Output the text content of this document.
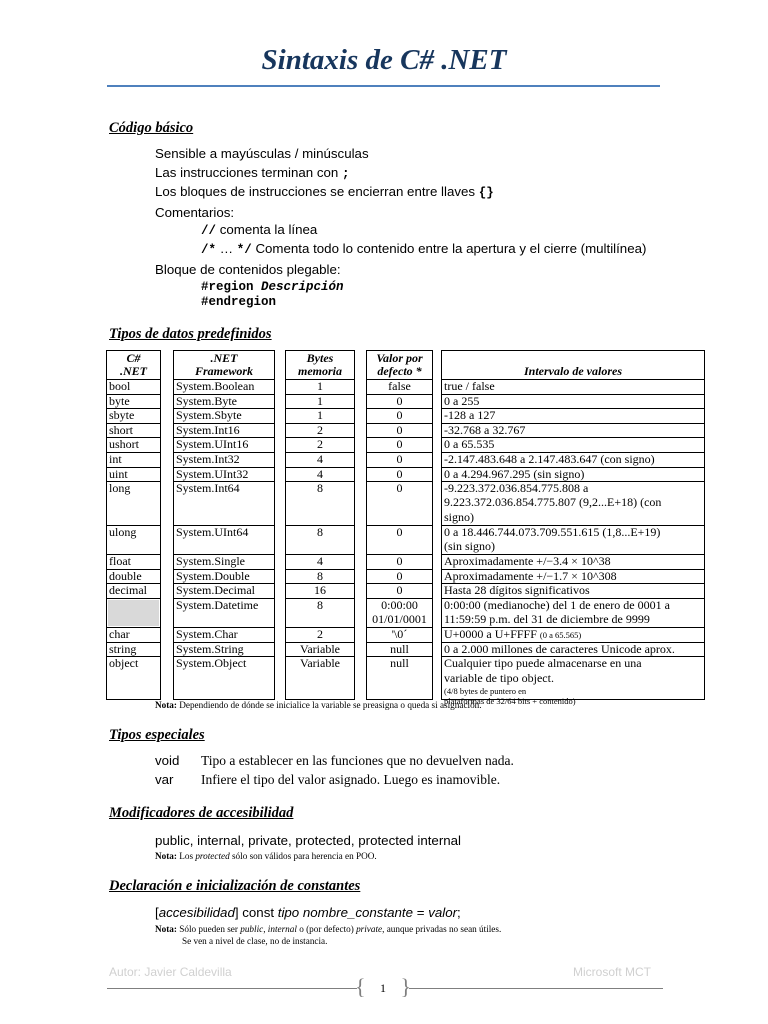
Sintaxis de C# .NET
Código básico
Sensible a mayúsculas / minúsculas
Las instrucciones terminan con ;
Los bloques de instrucciones se encierran entre llaves {}
Comentarios:
// comenta la línea
/* … */ Comenta todo lo contenido entre la apertura y el cierre (multilínea)
Bloque de contenidos plegable:
#region Descripción
#endregion
Tipos de datos predefinidos
C#
.NET
bool
byte
sbyte
short
ushort
int
uint
long
ulong
float
double
decimal
char
string
object
.NET
Framework
System.Boolean
System.Byte
System.Sbyte
System.Int16
System.UInt16
System.Int32
System.UInt32
System.Int64
System.UInt64
System.Single
System.Double
System.Decimal
System.Datetime
System.Char
System.String
System.Object
Bytes
memoria
1
1
1
2
2
4
4
8
8
4
8
16
8
2
Variable
Variable
Valor por
defecto *
false
0
0
0
0
0
0
0
0
0
0
0
0:00:00
01/01/0001
'\0´
null
null
Intervalo de valores
true / false
0 a 255
-128 a 127
-32.768 a 32.767
0 a 65.535
-2.147.483.648 a 2.147.483.647 (con signo)
0 a 4.294.967.295 (sin signo)
-9.223.372.036.854.775.808 a
9.223.372.036.854.775.807 (9,2...E+18) (con
signo)
0 a 18.446.744.073.709.551.615 (1,8...E+19)
(sin signo)
Aproximadamente +/−3.4 × 10^38
Aproximadamente +/−1.7 × 10^308
Hasta 28 dígitos significativos
0:00:00 (medianoche) del 1 de enero de 0001 a
11:59:59 p.m. del 31 de diciembre de 9999
U+0000 a U+FFFF (0 a 65.565)
0 a 2.000 millones de caracteres Unicode aprox.
Cualquier tipo puede almacenarse en una
variable de tipo object.
(4/8 bytes de puntero en
plataformas de 32/64 bits + contenido)
Nota: Dependiendo de dónde se inicialice la variable se preasigna o queda si asignación.
Tipos especiales
void Tipo a establecer en las funciones que no devuelven nada.
var Infiere el tipo del valor asignado. Luego es inamovible.
Modificadores de accesibilidad
public, internal, private, protected, protected internal
Nota: Los protected sólo son válidos para herencia en POO.
Declaración e inicialización de constantes
[accesibilidad] const tipo nombre_constante = valor;
Nota: Sólo pueden ser public, internal o (por defecto) private, aunque privadas no sean útiles.
Se ven a nivel de clase, no de instancia.
Autor: Javier Caldevilla	Microsoft MCT
{	1 }
